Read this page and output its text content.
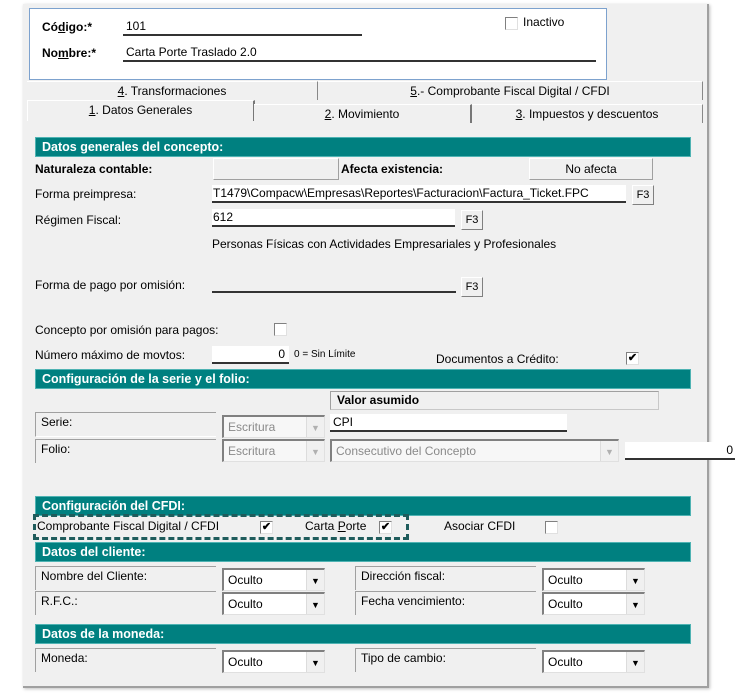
Código:*	101
Nombre:* Carta Porte Traslado 2.0
Inactivo
4. Transformaciones	5.- Comprobante Fiscal Digital / CFDI
1. Datos Generales	2. Movimiento	3. Impuestos y descuentos
Datos generales del concepto:
Naturaleza contable:	Afecta existencia:	No afecta
Forma preimpresa:	T1479\Compacw\Empresas\Reportes\Facturacion\Factura_Ticket.FPC	F3
Régimen Fiscal:	612	F3
Personas Físicas con Actividades Empresariales y Profesionales
Forma de pago por omisión:	F3
Concepto por omisión para pagos:
Número máximo de movtos:	0 0 = Sin Límite	Documentos a Crédito:	✔
Configuración de la serie y el folio:
Valor asumido
Serie:	Escritura	▼	CPI
Folio:	Escritura	▼	Consecutivo del Concepto	▼	0
Configuración del CFDI:
Comprobante Fiscal Digital / CFDI	✔	Carta Porte ✔	Asociar CFDI
Datos del cliente:
Nombre del Cliente:	Oculto	▼
R.F.C.:	Oculto	▼
Dirección fiscal:	Oculto	▼
Fecha vencimiento:	Oculto	▼
Datos de la moneda:
Moneda:	Oculto	▼	Tipo de cambio:	Oculto	▼
